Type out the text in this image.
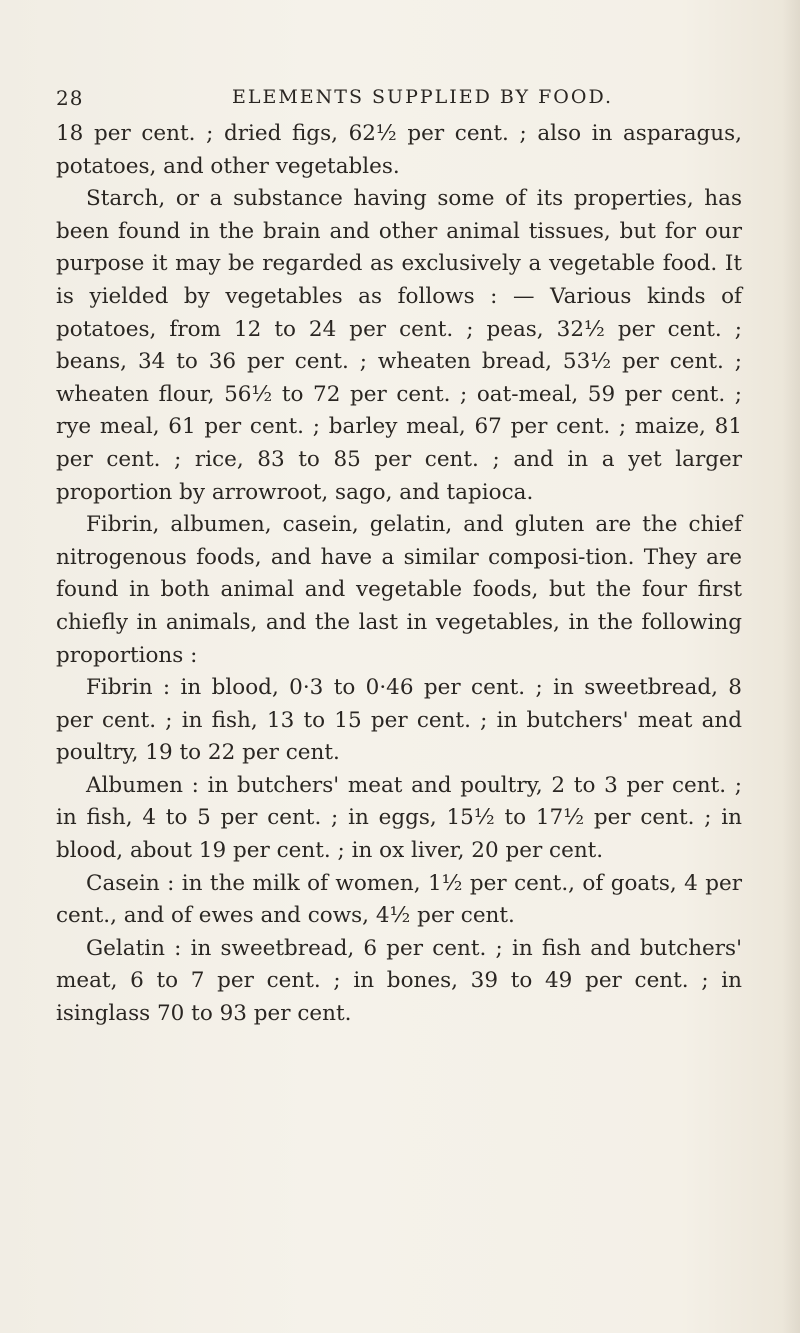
28	ELEMENTS SUPPLIED BY FOOD.

18 per cent. ; dried figs, 62½ per cent. ; also in asparagus, potatoes, and other vegetables.

Starch, or a substance having some of its properties, has been found in the brain and other animal tissues, but for our purpose it may be regarded as exclusively a vegetable food. It is yielded by vegetables as follows : — Various kinds of potatoes, from 12 to 24 per cent. ; peas, 32½ per cent. ; beans, 34 to 36 per cent. ; wheaten bread, 53½ per cent. ; wheaten flour, 56½ to 72 per cent. ; oat-meal, 59 per cent. ; rye meal, 61 per cent. ; barley meal, 67 per cent. ; maize, 81 per cent. ; rice, 83 to 85 per cent. ; and in a yet larger proportion by arrowroot, sago, and tapioca.

Fibrin, albumen, casein, gelatin, and gluten are the chief nitrogenous foods, and have a similar composi-tion. They are found in both animal and vegetable foods, but the four first chiefly in animals, and the last in vegetables, in the following proportions :

Fibrin : in blood, 0·3 to 0·46 per cent. ; in sweetbread, 8 per cent. ; in fish, 13 to 15 per cent. ; in butchers' meat and poultry, 19 to 22 per cent.

Albumen : in butchers' meat and poultry, 2 to 3 per cent. ; in fish, 4 to 5 per cent. ; in eggs, 15½ to 17½ per cent. ; in blood, about 19 per cent. ; in ox liver, 20 per cent.

Casein : in the milk of women, 1½ per cent., of goats, 4 per cent., and of ewes and cows, 4½ per cent.

Gelatin : in sweetbread, 6 per cent. ; in fish and butchers' meat, 6 to 7 per cent. ; in bones, 39 to 49 per cent. ; in isinglass 70 to 93 per cent.
